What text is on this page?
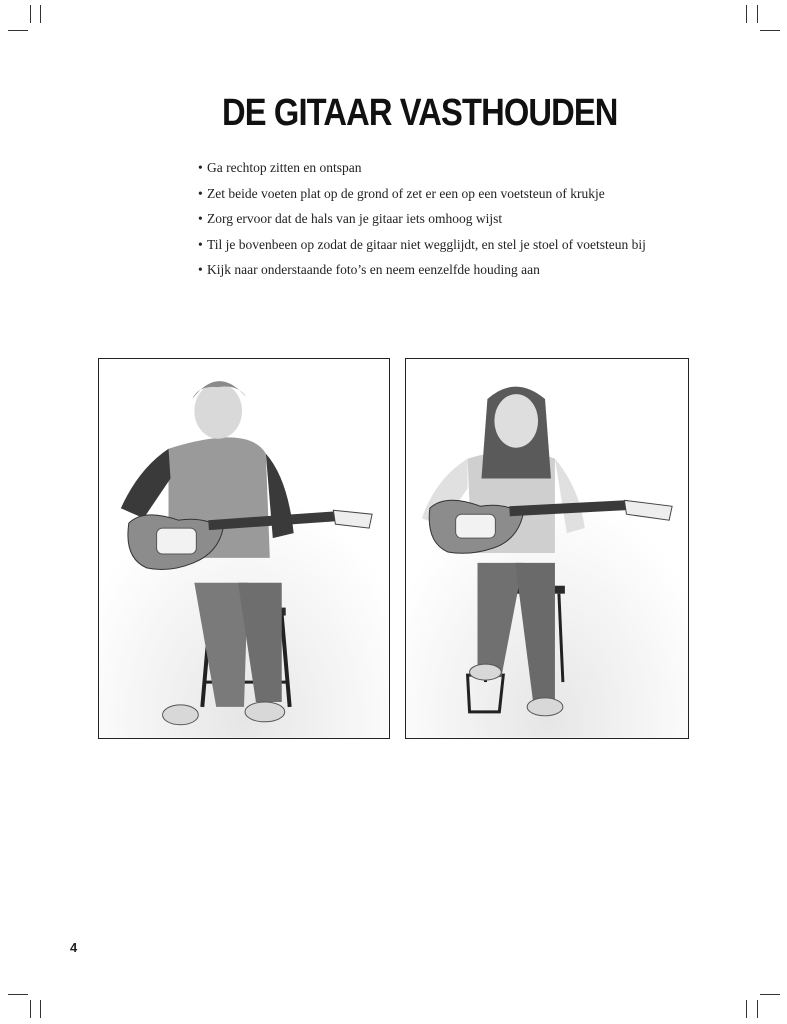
DE GITAAR VASTHOUDEN
• Ga rechtop zitten en ontspan
• Zet beide voeten plat op de grond of zet er een op een voetsteun of krukje
• Zorg ervoor dat de hals van je gitaar iets omhoog wijst
• Til je bovenbeen op zodat de gitaar niet wegglijdt, en stel je stoel of voetsteun bij
• Kijk naar onderstaande foto’s en neem eenzelfde houding aan
4
